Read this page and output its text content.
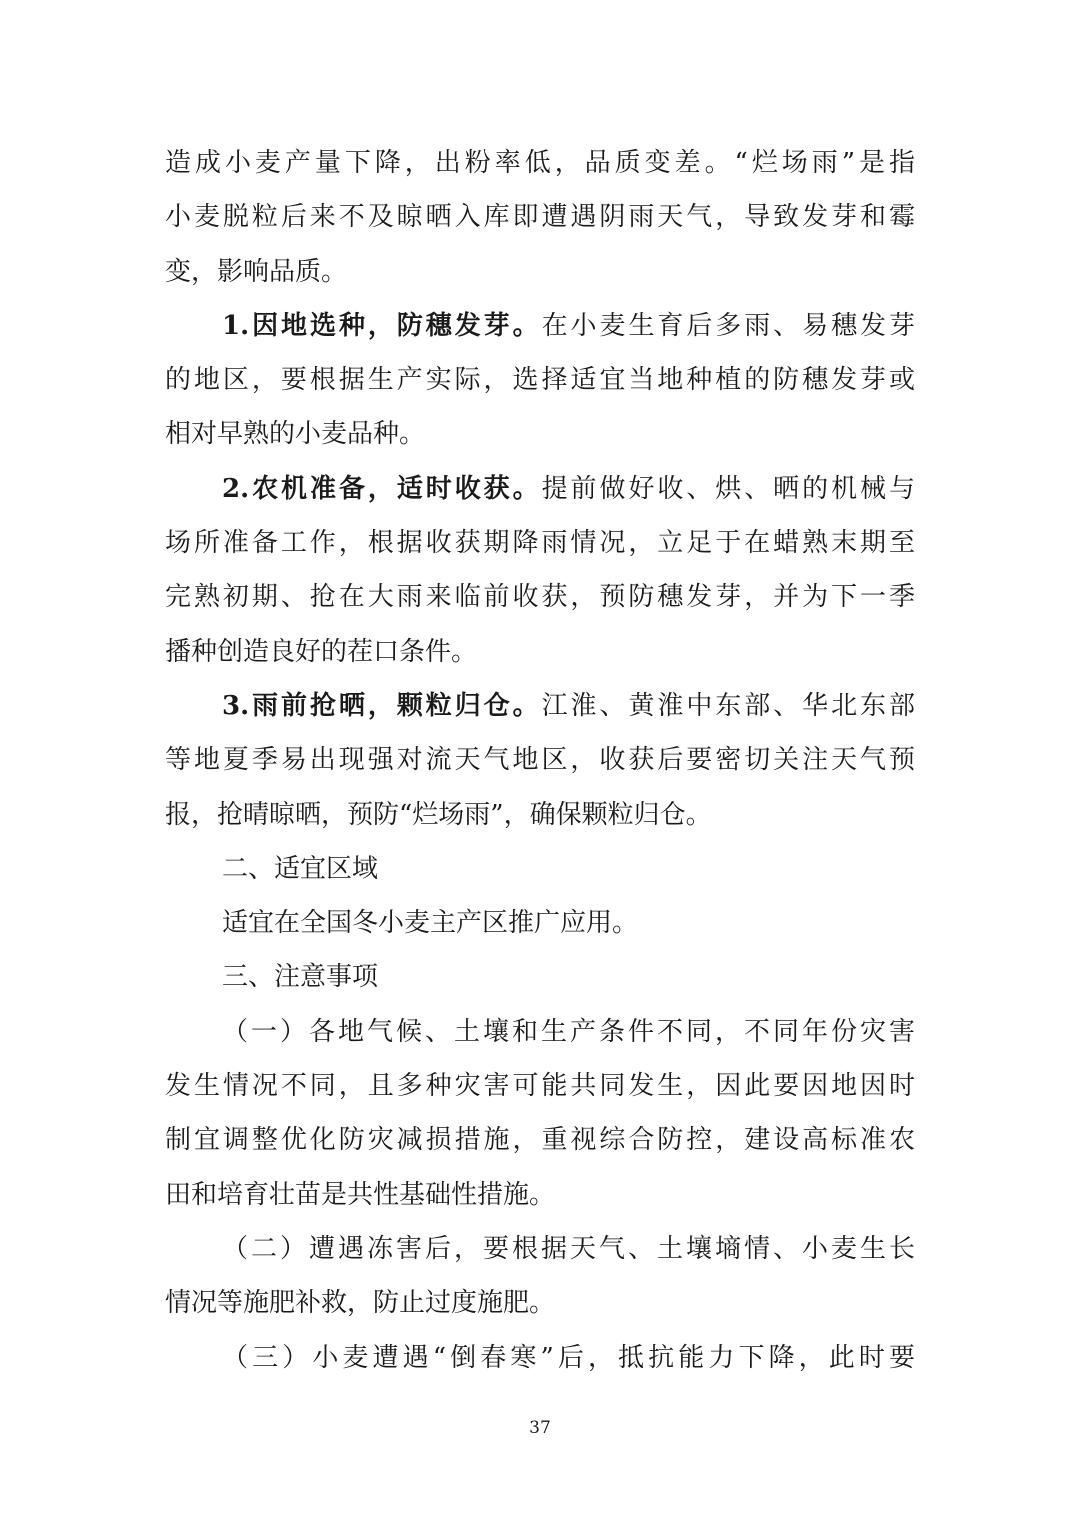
造成小麦产量下降，出粉率低，品质变差。“烂场雨”是指
小麦脱粒后来不及晾晒入库即遭遇阴雨天气，导致发芽和霉
变，影响品质。
1.因地选种，防穗发芽。在小麦生育后多雨、易穗发芽
的地区，要根据生产实际，选择适宜当地种植的防穗发芽或
相对早熟的小麦品种。
2.农机准备，适时收获。提前做好收、烘、晒的机械与
场所准备工作，根据收获期降雨情况，立足于在蜡熟末期至
完熟初期、抢在大雨来临前收获，预防穗发芽，并为下一季
播种创造良好的茬口条件。
3.雨前抢晒，颗粒归仓。江淮、黄淮中东部、华北东部
等地夏季易出现强对流天气地区，收获后要密切关注天气预
报，抢晴晾晒，预防“烂场雨”，确保颗粒归仓。
二、适宜区域
适宜在全国冬小麦主产区推广应用。
三、注意事项
（一）各地气候、土壤和生产条件不同，不同年份灾害
发生情况不同，且多种灾害可能共同发生，因此要因地因时
制宜调整优化防灾减损措施，重视综合防控，建设高标准农
田和培育壮苗是共性基础性措施。
（二）遭遇冻害后，要根据天气、土壤墒情、小麦生长
情况等施肥补救，防止过度施肥。
（三）小麦遭遇“倒春寒”后，抵抗能力下降，此时要
37
